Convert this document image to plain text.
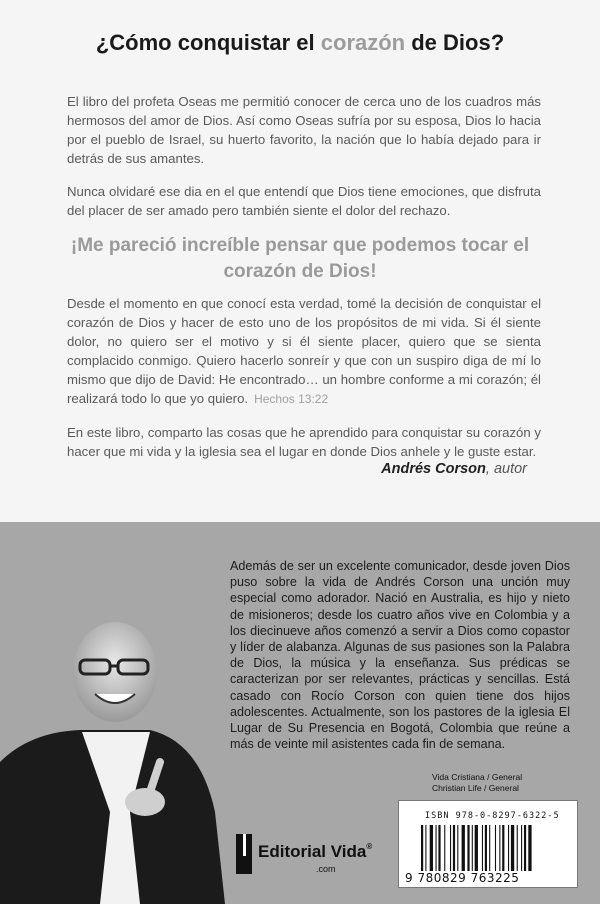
¿Cómo conquistar el corazón de Dios?

El libro del profeta Oseas me permitió conocer de cerca uno de los cuadros más hermosos del amor de Dios. Así como Oseas sufría por su esposa, Dios lo hacia por el pueblo de Israel, su huerto favorito, la nación que lo había dejado para ir detrás de sus amantes.

Nunca olvidaré ese dia en el que entendí que Dios tiene emociones, que disfruta del placer de ser amado pero también siente el dolor del rechazo.

¡Me pareció increíble pensar que podemos tocar el corazón de Dios!

Desde el momento en que conocí esta verdad, tomé la decisión de conquistar el corazón de Dios y hacer de esto uno de los propósitos de mi vida. Si él siente dolor, no quiero ser el motivo y si él siente placer, quiero que se sienta complacido conmigo. Quiero hacerlo sonreír y que con un suspiro diga de mí lo mismo que dijo de David: He encontrado… un hombre conforme a mi corazón; él realizará todo lo que yo quiero. Hechos 13:22

En este libro, comparto las cosas que he aprendido para conquistar su corazón y hacer que mi vida y la iglesia sea el lugar en donde Dios anhele y le guste estar.

Andrés Corson, autor

Además de ser un excelente comunicador, desde joven Dios puso sobre la vida de Andrés Corson una unción muy especial como adorador. Nació en Australia, es hijo y nieto de misioneros; desde los cuatro años vive en Colombia y a los diecinueve años comenzó a servir a Dios como copastor y líder de alabanza. Algunas de sus pasiones son la Palabra de Dios, la música y la enseñanza. Sus prédicas se caracterizan por ser relevantes, prácticas y sencillas. Está casado con Rocío Corson con quien tiene dos hijos adolescentes. Actualmente, son los pastores de la iglesia El Lugar de Su Presencia en Bogotá, Colombia que reúne a más de veinte mil asistentes cada fin de semana.

Vida Cristiana / General
Christian Life / General
ISBN 978-0-8297-6322-5
9 780829 763225
Editorial Vida®
.com
